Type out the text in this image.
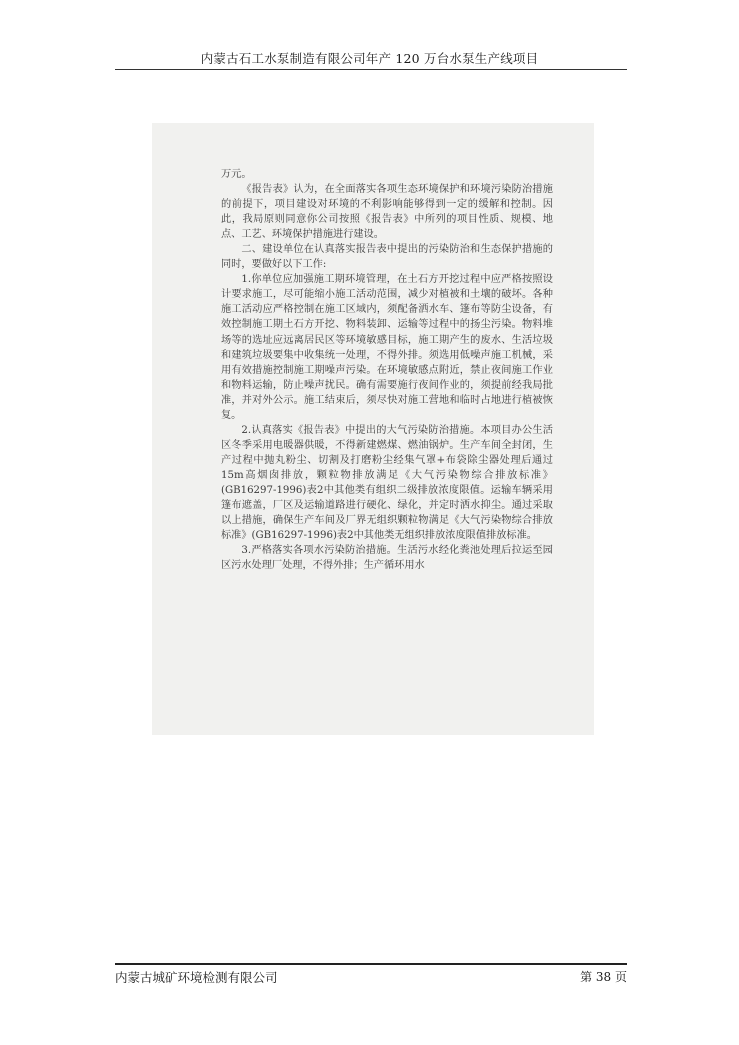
内蒙古石工水泵制造有限公司年产 120 万台水泵生产线项目

万元。

《报告表》认为，在全面落实各项生态环境保护和环境污染防治措施的前提下，项目建设对环境的不利影响能够得到一定的缓解和控制。因此，我局原则同意你公司按照《报告表》中所列的项目性质、规模、地点、工艺、环境保护措施进行建设。

二、建设单位在认真落实报告表中提出的污染防治和生态保护措施的同时，要做好以下工作:

1.你单位应加强施工期环境管理，在土石方开挖过程中应严格按照设计要求施工，尽可能缩小施工活动范围，减少对植被和土壤的破坏。各种施工活动应严格控制在施工区域内，须配备洒水车、篷布等防尘设备，有效控制施工期土石方开挖、物料装卸、运输等过程中的扬尘污染。物料堆场等的选址应远离居民区等环境敏感目标，施工期产生的废水、生活垃圾和建筑垃圾要集中收集统一处理，不得外排。须选用低噪声施工机械，采用有效措施控制施工期噪声污染。在环境敏感点附近，禁止夜间施工作业和物料运输，防止噪声扰民。确有需要施行夜间作业的，须提前经我局批准，并对外公示。施工结束后，须尽快对施工营地和临时占地进行植被恢复。

2.认真落实《报告表》中提出的大气污染防治措施。本项目办公生活区冬季采用电暖器供暖，不得新建燃煤、燃油锅炉。生产车间全封闭，生产过程中抛丸粉尘、切割及打磨粉尘经集气罩+布袋除尘器处理后通过15m高烟囱排放，颗粒物排放满足《大气污染物综合排放标准》(GB16297-1996)表2中其他类有组织二级排放浓度限值。运输车辆采用篷布遮盖，厂区及运输道路进行硬化、绿化，并定时洒水抑尘。通过采取以上措施，确保生产车间及厂界无组织颗粒物满足《大气污染物综合排放标准》(GB16297-1996)表2中其他类无组织排放浓度限值排放标准。

3.严格落实各项水污染防治措施。生活污水经化粪池处理后拉运至园区污水处理厂处理，不得外排；生产循环用水

内蒙古城矿环境检测有限公司	第 38 页
